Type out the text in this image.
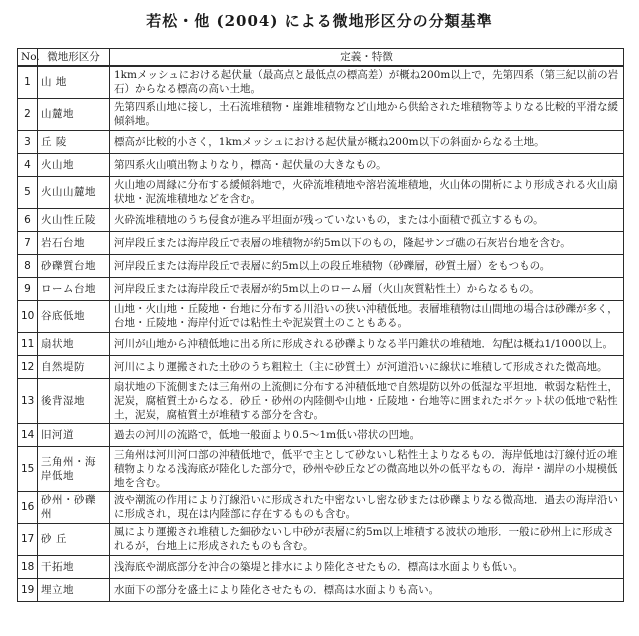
若松・他 (2004) による微地形区分の分類基準
No.	微地形区分	定義・特徴
1	山 地	1kmメッシュにおける起伏量（最高点と最低点の標高差）が概ね200m以上で，先第四系（第三紀以前の岩石）からなる標高の高い土地。
2	山麓地	先第四系山地に接し，土石流堆積物・崖錐堆積物など山地から供給された堆積物等よりなる比較的平滑な緩傾斜地。
3	丘 陵	標高が比較的小さく，1kmメッシュにおける起伏量が概ね200m以下の斜面からなる土地。
4	火山地	第四系火山噴出物よりなり，標高・起伏量の大きなもの。
5	火山山麓地	火山地の周縁に分布する緩傾斜地で，火砕流堆積地や溶岩流堆積地，火山体の開析により形成される火山扇状地・泥流堆積地などを含む。
6	火山性丘陵	火砕流堆積地のうち侵食が進み平坦面が残っていないもの，または小面積で孤立するもの。
7	岩石台地	河岸段丘または海岸段丘で表層の堆積物が約5m以下のもの，隆起サンゴ礁の石灰岩台地を含む。
8	砂礫質台地	河岸段丘または海岸段丘で表層に約5m以上の段丘堆積物（砂礫層，砂質土層）をもつもの。
9	ローム台地	河岸段丘または海岸段丘で表層が約5m以上のローム層（火山灰質粘性土）からなるもの。
10	谷底低地	山地・火山地・丘陵地・台地に分布する川沿いの狭い沖積低地。表層堆積物は山間地の場合は砂礫が多く，台地・丘陵地・海岸付近では粘性土や泥炭質土のこともある。
11	扇状地	河川が山地から沖積低地に出る所に形成される砂礫よりなる半円錐状の堆積地．勾配は概ね1/1000以上。
12	自然堤防	河川により運搬された土砂のうち粗粒土（主に砂質土）が河道沿いに線状に堆積して形成された微高地。
13	後背湿地	扇状地の下流側または三角州の上流側に分布する沖積低地で自然堤防以外の低湿な平坦地．軟弱な粘性土，泥炭，腐植質土からなる．砂丘・砂州の内陸側や山地・丘陵地・台地等に囲まれたポケット状の低地で粘性土，泥炭，腐植質土が堆積する部分を含む。
14	旧河道	過去の河川の流路で，低地一般面より0.5～1m低い帯状の凹地。
15	三角州・海岸低地	三角州は河川河口部の沖積低地で，低平で主として砂ないし粘性土よりなるもの．海岸低地は汀線付近の堆積物よりなる浅海底が陸化した部分で，砂州や砂丘などの微高地以外の低平なもの．海岸・湖岸の小規模低地を含む。
16	砂州・砂礫州	波や潮流の作用により汀線沿いに形成された中密ないし密な砂または砂礫よりなる微高地．過去の海岸沿いに形成され，現在は内陸部に存在するものも含む。
17	砂 丘	風により運搬され堆積した細砂ないし中砂が表層に約5m以上堆積する波状の地形．一般に砂州上に形成されるが，台地上に形成されたものも含む。
18	干拓地	浅海底や湖底部分を沖合の築堤と排水により陸化させたもの．標高は水面よりも低い。
19	埋立地	水面下の部分を盛土により陸化させたもの．標高は水面よりも高い。
